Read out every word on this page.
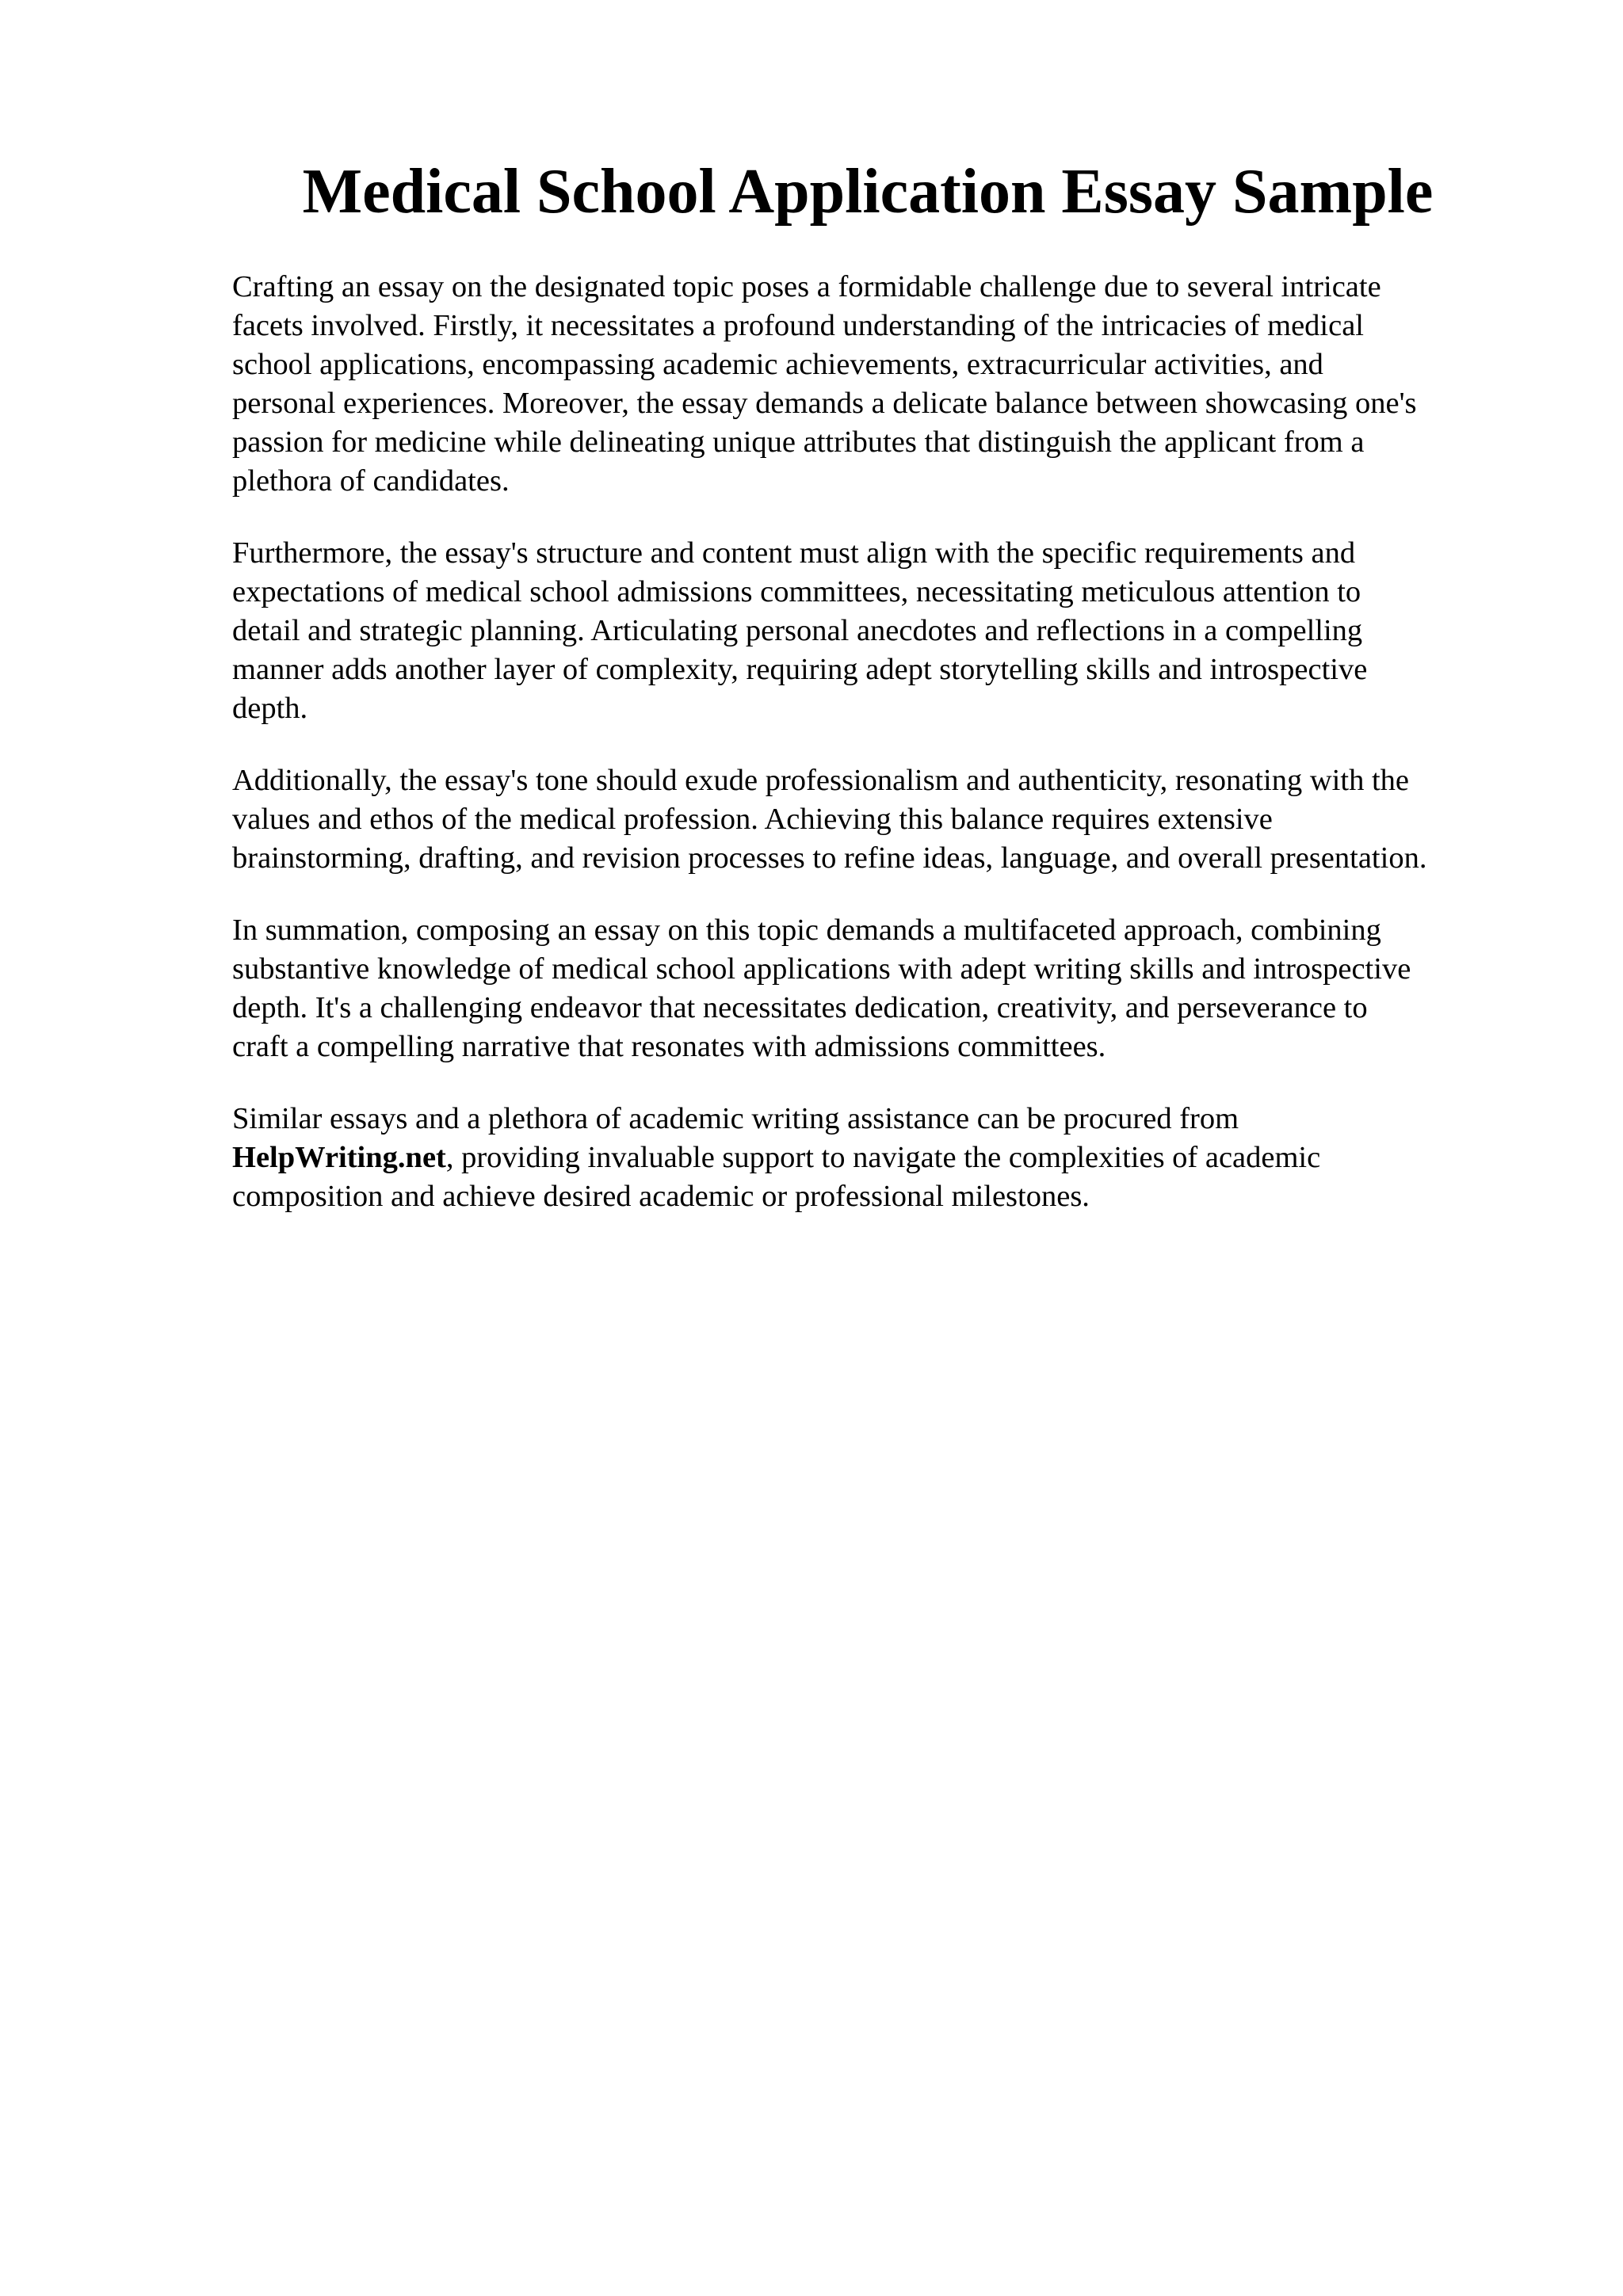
Medical School Application Essay Sample

Crafting an essay on the designated topic poses a formidable challenge due to several intricate
facets involved. Firstly, it necessitates a profound understanding of the intricacies of medical
school applications, encompassing academic achievements, extracurricular activities, and
personal experiences. Moreover, the essay demands a delicate balance between showcasing one's
passion for medicine while delineating unique attributes that distinguish the applicant from a
plethora of candidates.

Furthermore, the essay's structure and content must align with the specific requirements and
expectations of medical school admissions committees, necessitating meticulous attention to
detail and strategic planning. Articulating personal anecdotes and reflections in a compelling
manner adds another layer of complexity, requiring adept storytelling skills and introspective
depth.

Additionally, the essay's tone should exude professionalism and authenticity, resonating with the
values and ethos of the medical profession. Achieving this balance requires extensive
brainstorming, drafting, and revision processes to refine ideas, language, and overall presentation.

In summation, composing an essay on this topic demands a multifaceted approach, combining
substantive knowledge of medical school applications with adept writing skills and introspective
depth. It's a challenging endeavor that necessitates dedication, creativity, and perseverance to
craft a compelling narrative that resonates with admissions committees.

Similar essays and a plethora of academic writing assistance can be procured from
HelpWriting.net, providing invaluable support to navigate the complexities of academic
composition and achieve desired academic or professional milestones.
